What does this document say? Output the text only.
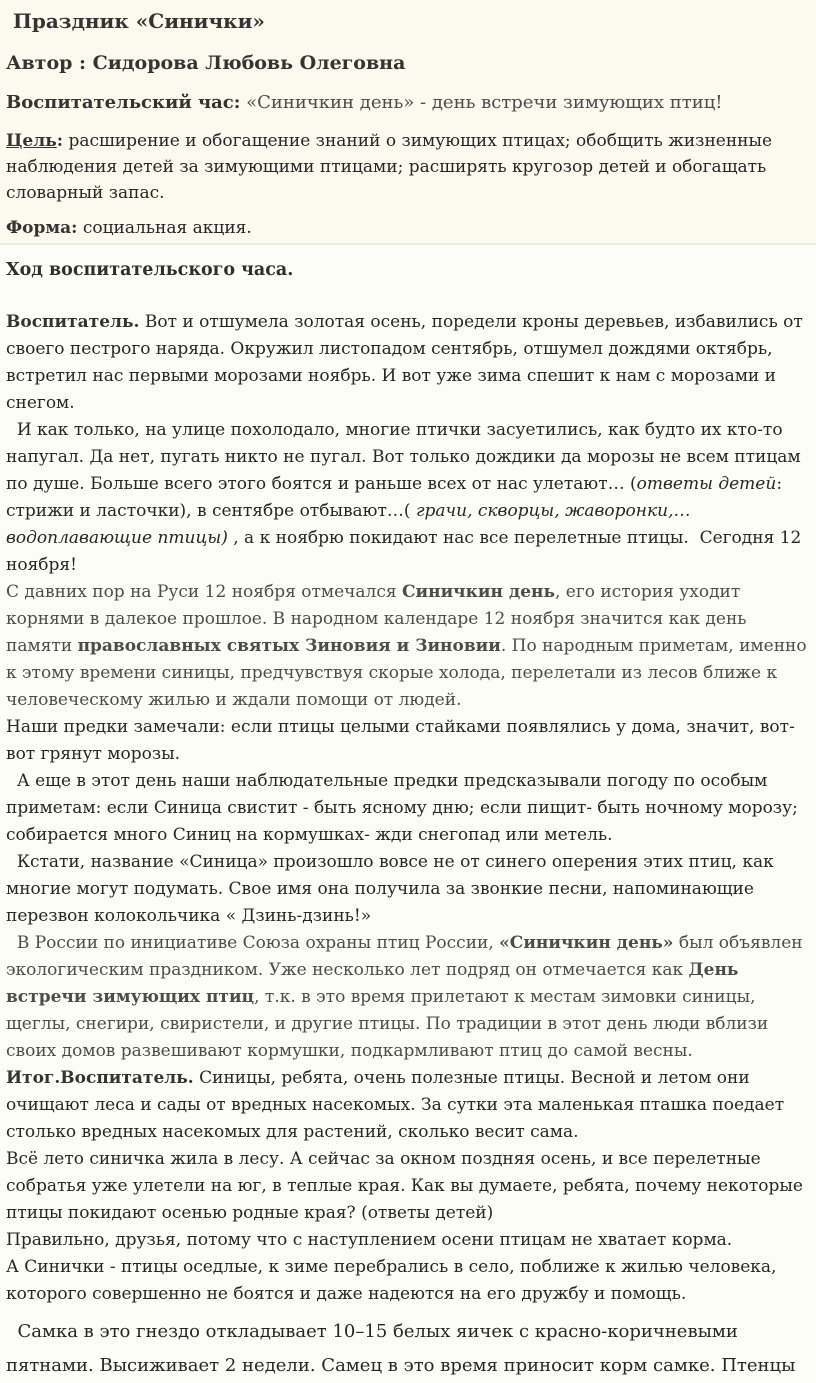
Праздник «Синички»

Автор : Сидорова Любовь Олеговна

Воспитательский час: «Синичкин день» - день встречи зимующих птиц!

Цель: расширение и обогащение знаний о зимующих птицах; обобщить жизненные наблюдения детей за зимующими птицами; расширять кругозор детей и обогащать словарный запас.

Форма: социальная акция.

Ход воспитательского часа.

Воспитатель. Вот и отшумела золотая осень, поредели кроны деревьев, избавились от своего пестрого наряда. Окружил листопадом сентябрь, отшумел дождями октябрь, встретил нас первыми морозами ноябрь. И вот уже зима спешит к нам с морозами и снегом.

И как только, на улице похолодало, многие птички засуетились, как будто их кто-то напугал. Да нет, пугать никто не пугал. Вот только дождики да морозы не всем птицам по душе. Больше всего этого боятся и раньше всех от нас улетают… (ответы детей: стрижи и ласточки), в сентябре отбывают…( грачи, скворцы, жаворонки,… водоплавающие птицы) , а к ноябрю покидают нас все перелетные птицы.  Сегодня 12 ноября!

С давних пор на Руси 12 ноября отмечался Синичкин день, его история уходит корнями в далекое прошлое. В народном календаре 12 ноября значится как день памяти православных святых Зиновия и Зиновии. По народным приметам, именно к этому времени синицы, предчувствуя скорые холода, перелетали из лесов ближе к человеческому жилью и ждали помощи от людей.

Наши предки замечали: если птицы целыми стайками появлялись у дома, значит, вот-вот грянут морозы.

А еще в этот день наши наблюдательные предки предсказывали погоду по особым приметам: если Синица свистит - быть ясному дню; если пищит- быть ночному морозу; собирается много Синиц на кормушках- жди снегопад или метель.

Кстати, название «Синица» произошло вовсе не от синего оперения этих птиц, как многие могут подумать. Свое имя она получила за звонкие песни, напоминающие перезвон колокольчика « Дзинь-дзинь!»

В России по инициативе Союза охраны птиц России, «Синичкин день» был объявлен экологическим праздником. Уже несколько лет подряд он отмечается как День встречи зимующих птиц, т.к. в это время прилетают к местам зимовки синицы, щеглы, снегири, свиристели, и другие птицы. По традиции в этот день люди вблизи своих домов развешивают кормушки, подкармливают птиц до самой весны.

Итог.Воспитатель. Синицы, ребята, очень полезные птицы. Весной и летом они очищают леса и сады от вредных насекомых. За сутки эта маленькая пташка поедает столько вредных насекомых для растений, сколько весит сама.

Всё лето синичка жила в лесу. А сейчас за окном поздняя осень, и все перелетные собратья уже улетели на юг, в теплые края. Как вы думаете, ребята, почему некоторые птицы покидают осенью родные края? (ответы детей)

Правильно, друзья, потому что с наступлением осени птицам не хватает корма.

А Синички - птицы оседлые, к зиме перебрались в село, поближе к жилью человека, которого совершенно не боятся и даже надеются на его дружбу и помощь.

Самка в это гнездо откладывает 10–15 белых яичек с красно-коричневыми пятнами. Высиживает 2 недели. Самец в это время приносит корм самке. Птенцы
